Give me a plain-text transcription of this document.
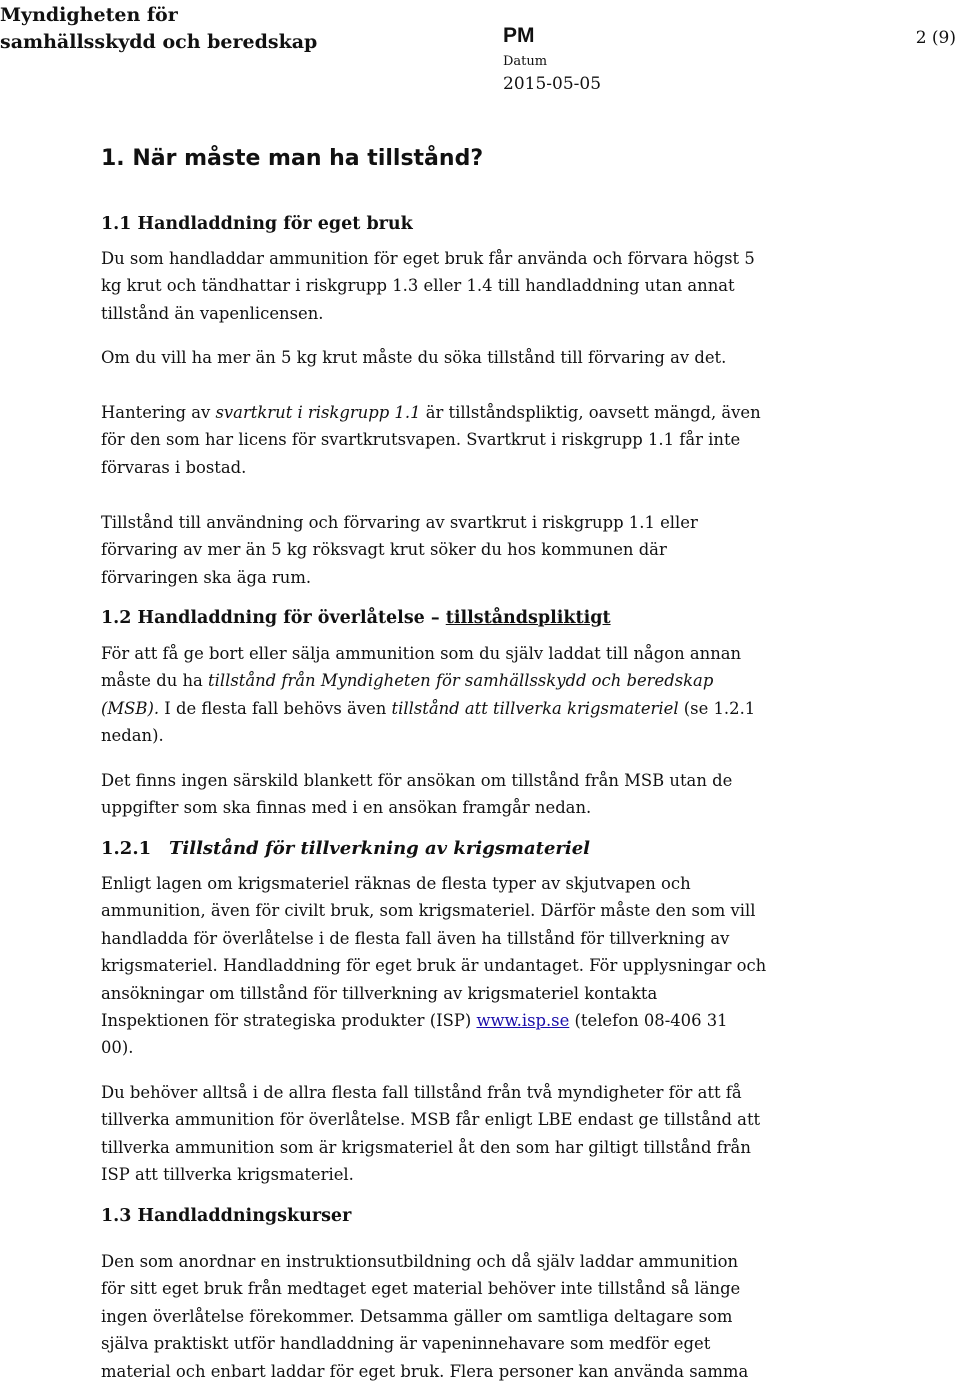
Myndigheten för
samhällsskydd och beredskap	PM
Datum
2015-05-05
2 (9)
1. När måste man ha tillstånd?
1.1 Handladdning för eget bruk
Du som handladdar ammunition för eget bruk får använda och förvara högst 5
kg krut och tändhattar i riskgrupp 1.3 eller 1.4 till handladdning utan annat
tillstånd än vapenlicensen.
Om du vill ha mer än 5 kg krut måste du söka tillstånd till förvaring av det.
Hantering av svartkrut i riskgrupp 1.1 är tillståndspliktig, oavsett mängd, även
för den som har licens för svartkrutsvapen. Svartkrut i riskgrupp 1.1 får inte
förvaras i bostad.
Tillstånd till användning och förvaring av svartkrut i riskgrupp 1.1 eller
förvaring av mer än 5 kg röksvagt krut söker du hos kommunen där
förvaringen ska äga rum.
1.2 Handladdning för överlåtelse – tillståndspliktigt
För att få ge bort eller sälja ammunition som du själv laddat till någon annan
måste du ha tillstånd från Myndigheten för samhällsskydd och beredskap
(MSB). I de flesta fall behövs även tillstånd att tillverka krigsmateriel (se 1.2.1
nedan).
Det finns ingen särskild blankett för ansökan om tillstånd från MSB utan de
uppgifter som ska finnas med i en ansökan framgår nedan.
1.2.1 Tillstånd för tillverkning av krigsmateriel
Enligt lagen om krigsmateriel räknas de flesta typer av skjutvapen och
ammunition, även för civilt bruk, som krigsmateriel. Därför måste den som vill
handladda för överlåtelse i de flesta fall även ha tillstånd för tillverkning av
krigsmateriel. Handladdning för eget bruk är undantaget. För upplysningar och
ansökningar om tillstånd för tillverkning av krigsmateriel kontakta
Inspektionen för strategiska produkter (ISP) www.isp.se (telefon 08-406 31
00).
Du behöver alltså i de allra flesta fall tillstånd från två myndigheter för att få
tillverka ammunition för överlåtelse. MSB får enligt LBE endast ge tillstånd att
tillverka ammunition som är krigsmateriel åt den som har giltigt tillstånd från
ISP att tillverka krigsmateriel.
1.3 Handladdningskurser
Den som anordnar en instruktionsutbildning och då själv laddar ammunition
för sitt eget bruk från medtaget eget material behöver inte tillstånd så länge
ingen överlåtelse förekommer. Detsamma gäller om samtliga deltagare som
själva praktiskt utför handladdning är vapeninnehavare som medför eget
material och enbart laddar för eget bruk. Flera personer kan använda samma
